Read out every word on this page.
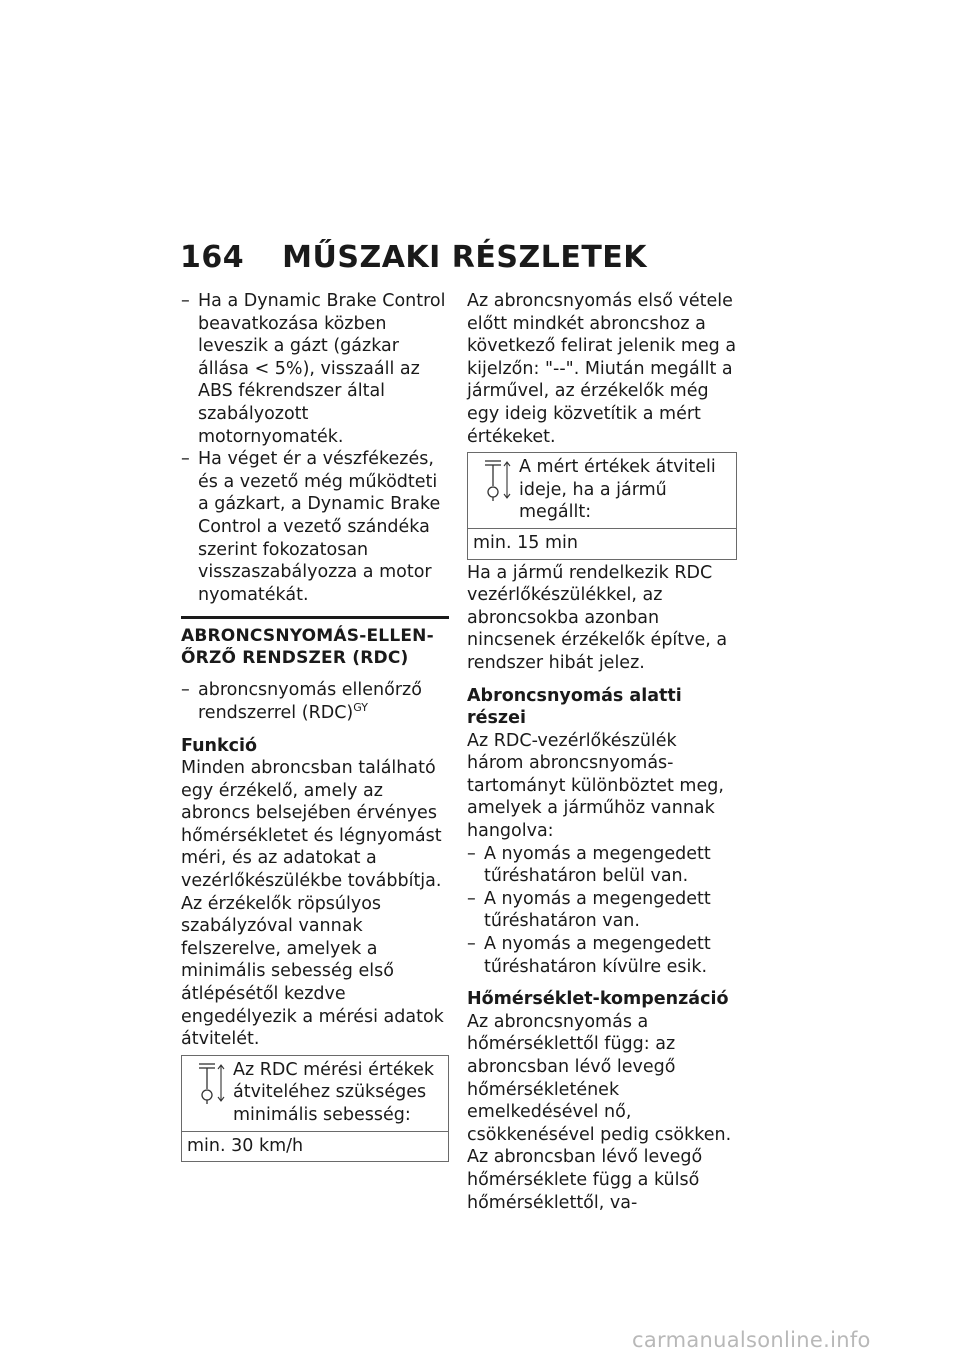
164 MŰSZAKI RÉSZLETEK

– Ha a Dynamic Brake Control beavatkozása közben leveszik a gázt (gázkar állása < 5%), visszaáll az ABS fékrendszer által szabályozott motornyomaték.

– Ha véget ér a vészfékezés, és a vezető még működteti a gázkart, a Dynamic Brake Control a vezető szándéka szerint fokozatosan visszaszabályozza a motor nyomatékát.

ABRONCSNYOMÁS-ELLEN-
ŐRZŐ RENDSZER (RDC)

– abroncsnyomás ellenőrző rendszerrel (RDC)$^{GY}$

Funkció

Minden abroncsban található egy érzékelő, amely az abroncs belsejében érvényes hőmérsékletet és légnyomást méri, és az adatokat a vezérlőkészülékbe továbbítja.

Az érzékelők röpsúlyos szabályzóval vannak felszerelve, amelyek a minimális sebesség első átlépésétől kezdve engedélyezik a mérési adatok átvitelét.

Az RDC mérési értékek átviteléhez szükséges minimális sebesség:
min. 30 km/h

Az abroncsnyomás első vétele előtt mindkét abroncshoz a következő felirat jelenik meg a kijelzőn: "--". Miután megállt a járművel, az érzékelők még egy ideig közvetítik a mért értékeket.

A mért értékek átviteli ideje, ha a jármű megállt:
min. 15 min

Ha a jármű rendelkezik RDC vezérlőkészülékkel, az abroncsokba azonban nincsenek érzékelők építve, a rendszer hibát jelez.

Abroncsnyomás alatti részei

Az RDC-vezérlőkészülék három abroncsnyomás-tartományt különböztet meg, amelyek a járműhöz vannak hangolva:

– A nyomás a megengedett tűréshatáron belül van.

– A nyomás a megengedett tűréshatáron van.

– A nyomás a megengedett tűréshatáron kívülre esik.

Hőmérséklet-kompenzáció

Az abroncsnyomás a hőmérséklettől függ: az abroncsban lévő levegő hőmérsékletének emelkedésével nő, csökkenésével pedig csökken. Az abroncsban lévő levegő hőmérséklete függ a külső hőmérséklettől, va-

carmanualsonline.info
